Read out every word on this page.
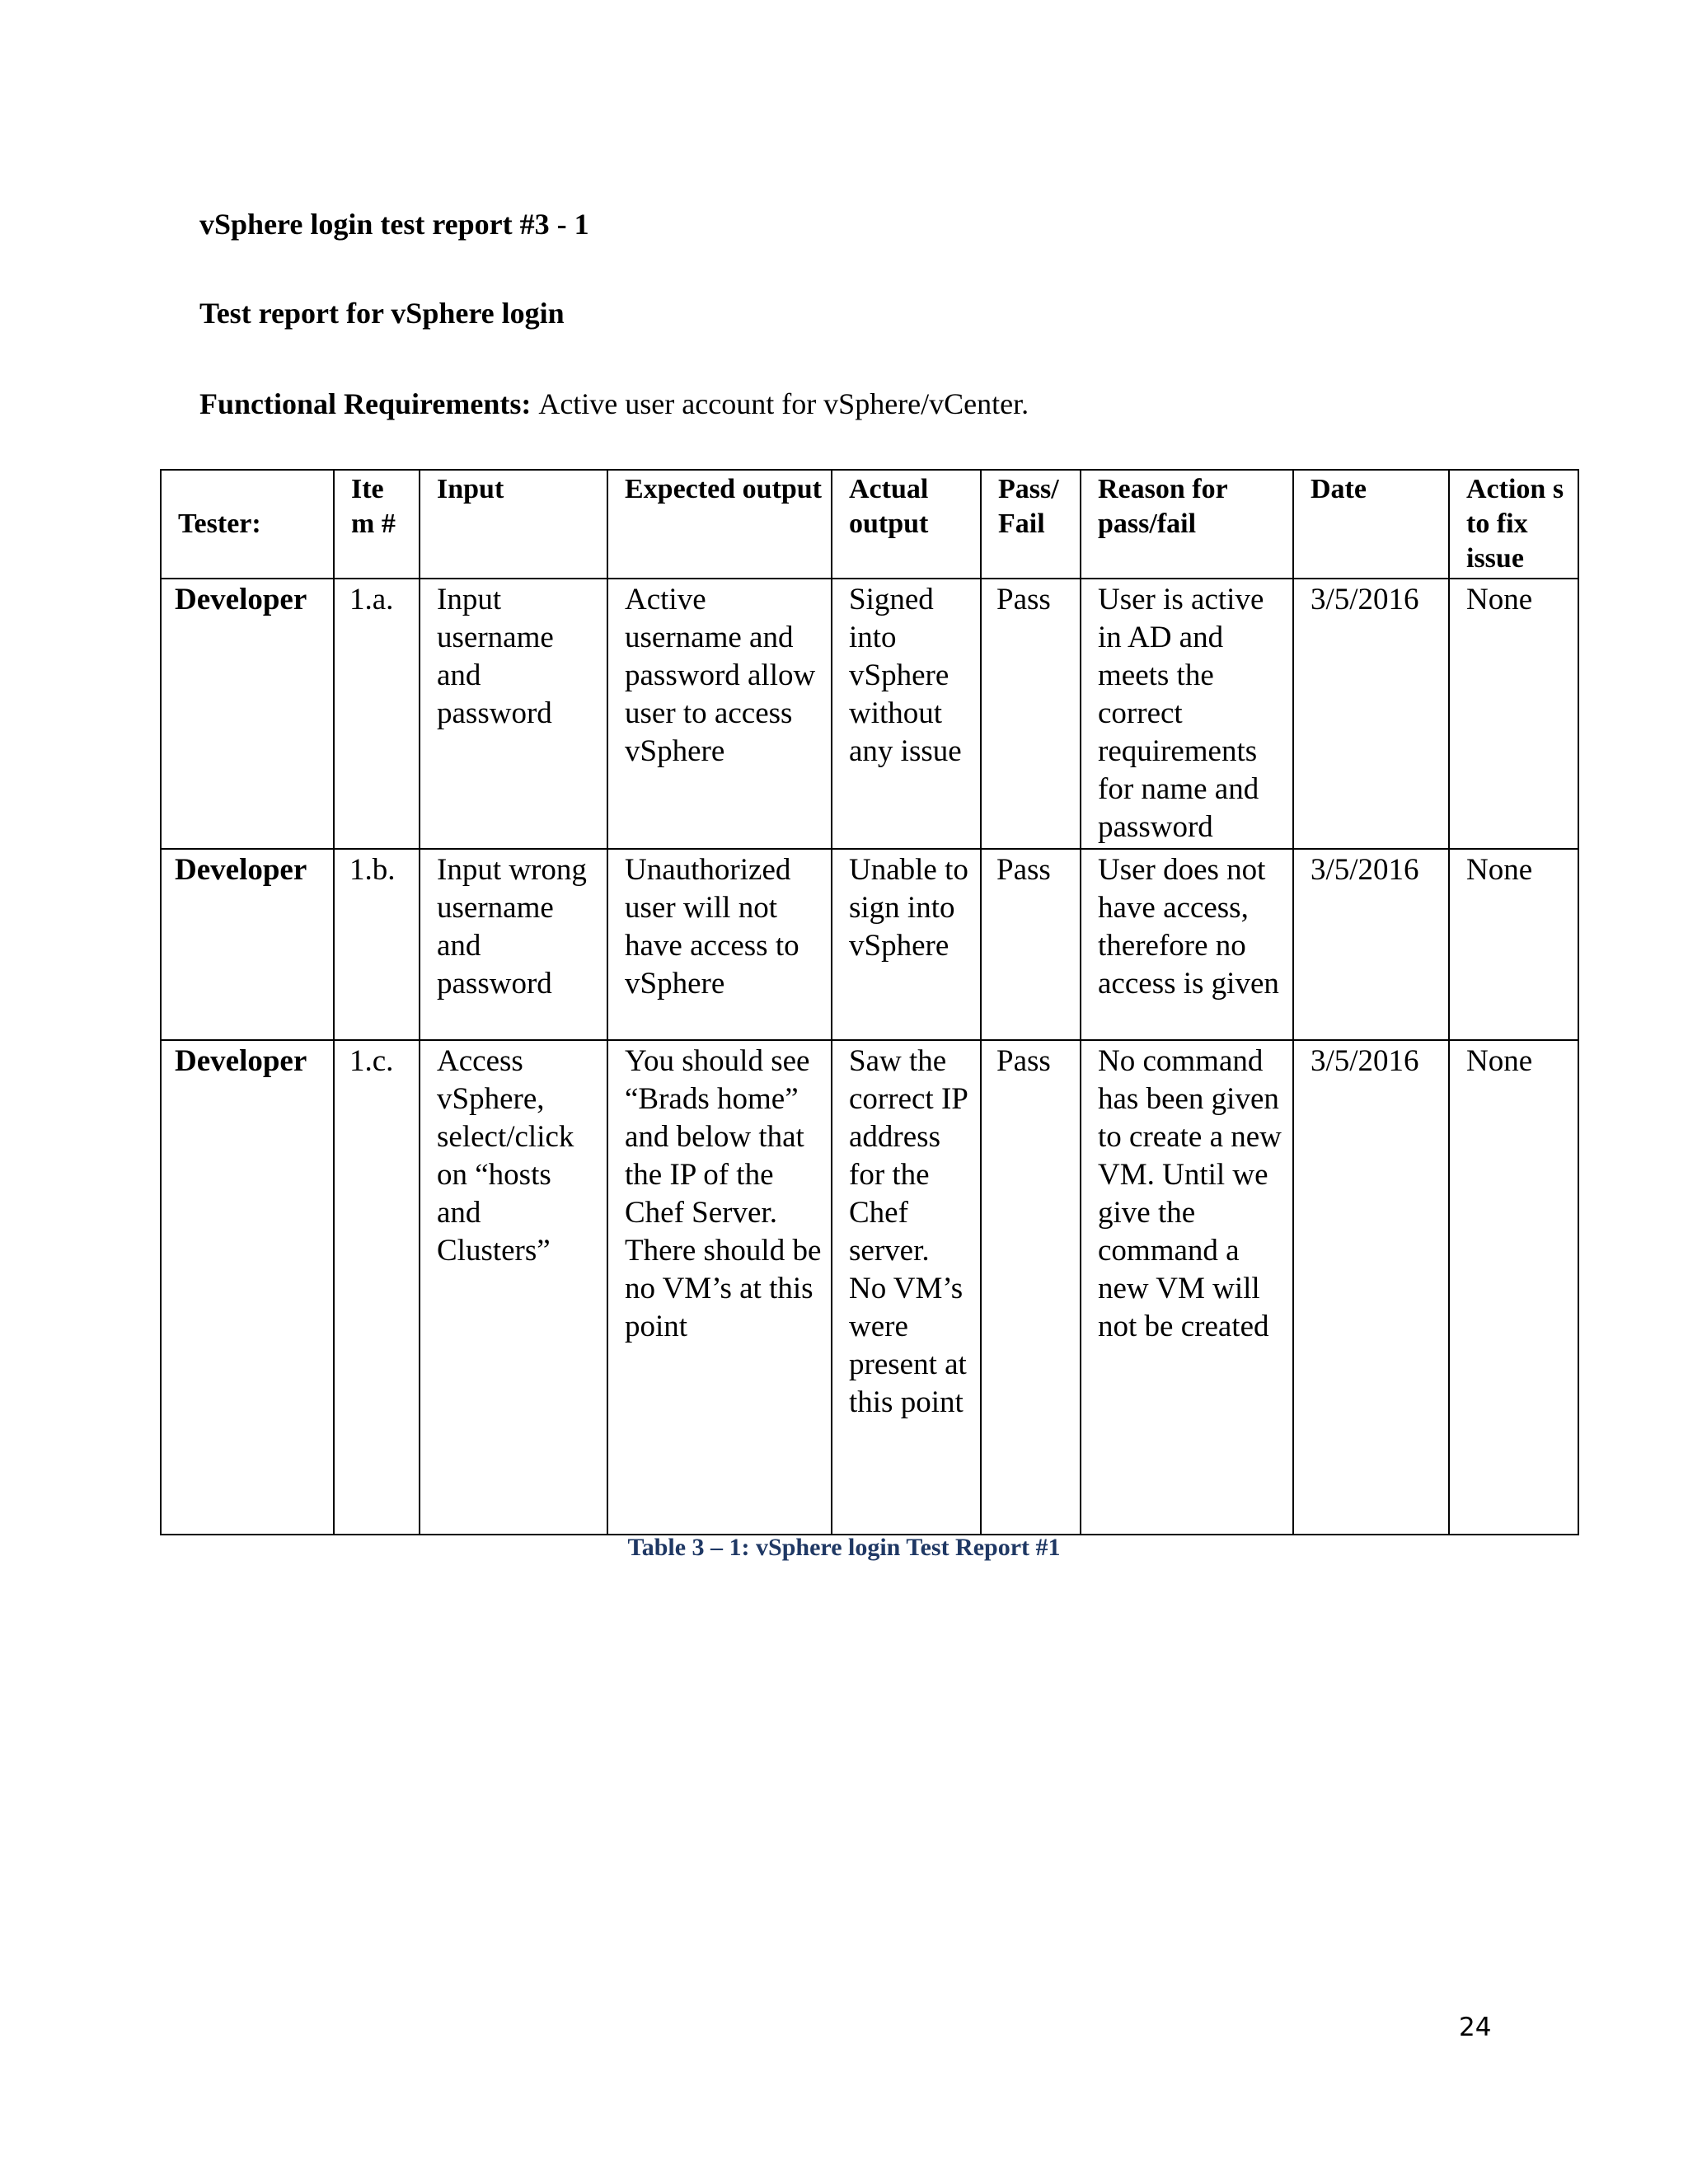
vSphere login test report #3 - 1
Test report for vSphere login
Functional Requirements: Active user account for vSphere/vCenter.
Tester:	Ite m #	Input	Expected output	Actual output	Pass/ Fail	Reason for pass/fail	Date	Action s to fix issue
Developer	1.a.	Input username and password	Active username and password allow user to access vSphere	Signed into vSphere without any issue	Pass	User is active in AD and meets the correct requirements for name and password	3/5/2016	None
Developer	1.b.	Input wrong username and password	Unauthorized user will not have access to vSphere	Unable to sign into vSphere	Pass	User does not have access, therefore no access is given	3/5/2016	None
Developer	1.c.	Access vSphere, select/click on “hosts and Clusters”	You should see “Brads home” and below that the IP of the Chef Server. There should be no VM’s at this point	Saw the correct IP address for the Chef server. No VM’s were present at this point	Pass	No command has been given to create a new VM. Until we give the command a new VM will not be created	3/5/2016	None
Table 3 – 1: vSphere login Test Report #1
24
